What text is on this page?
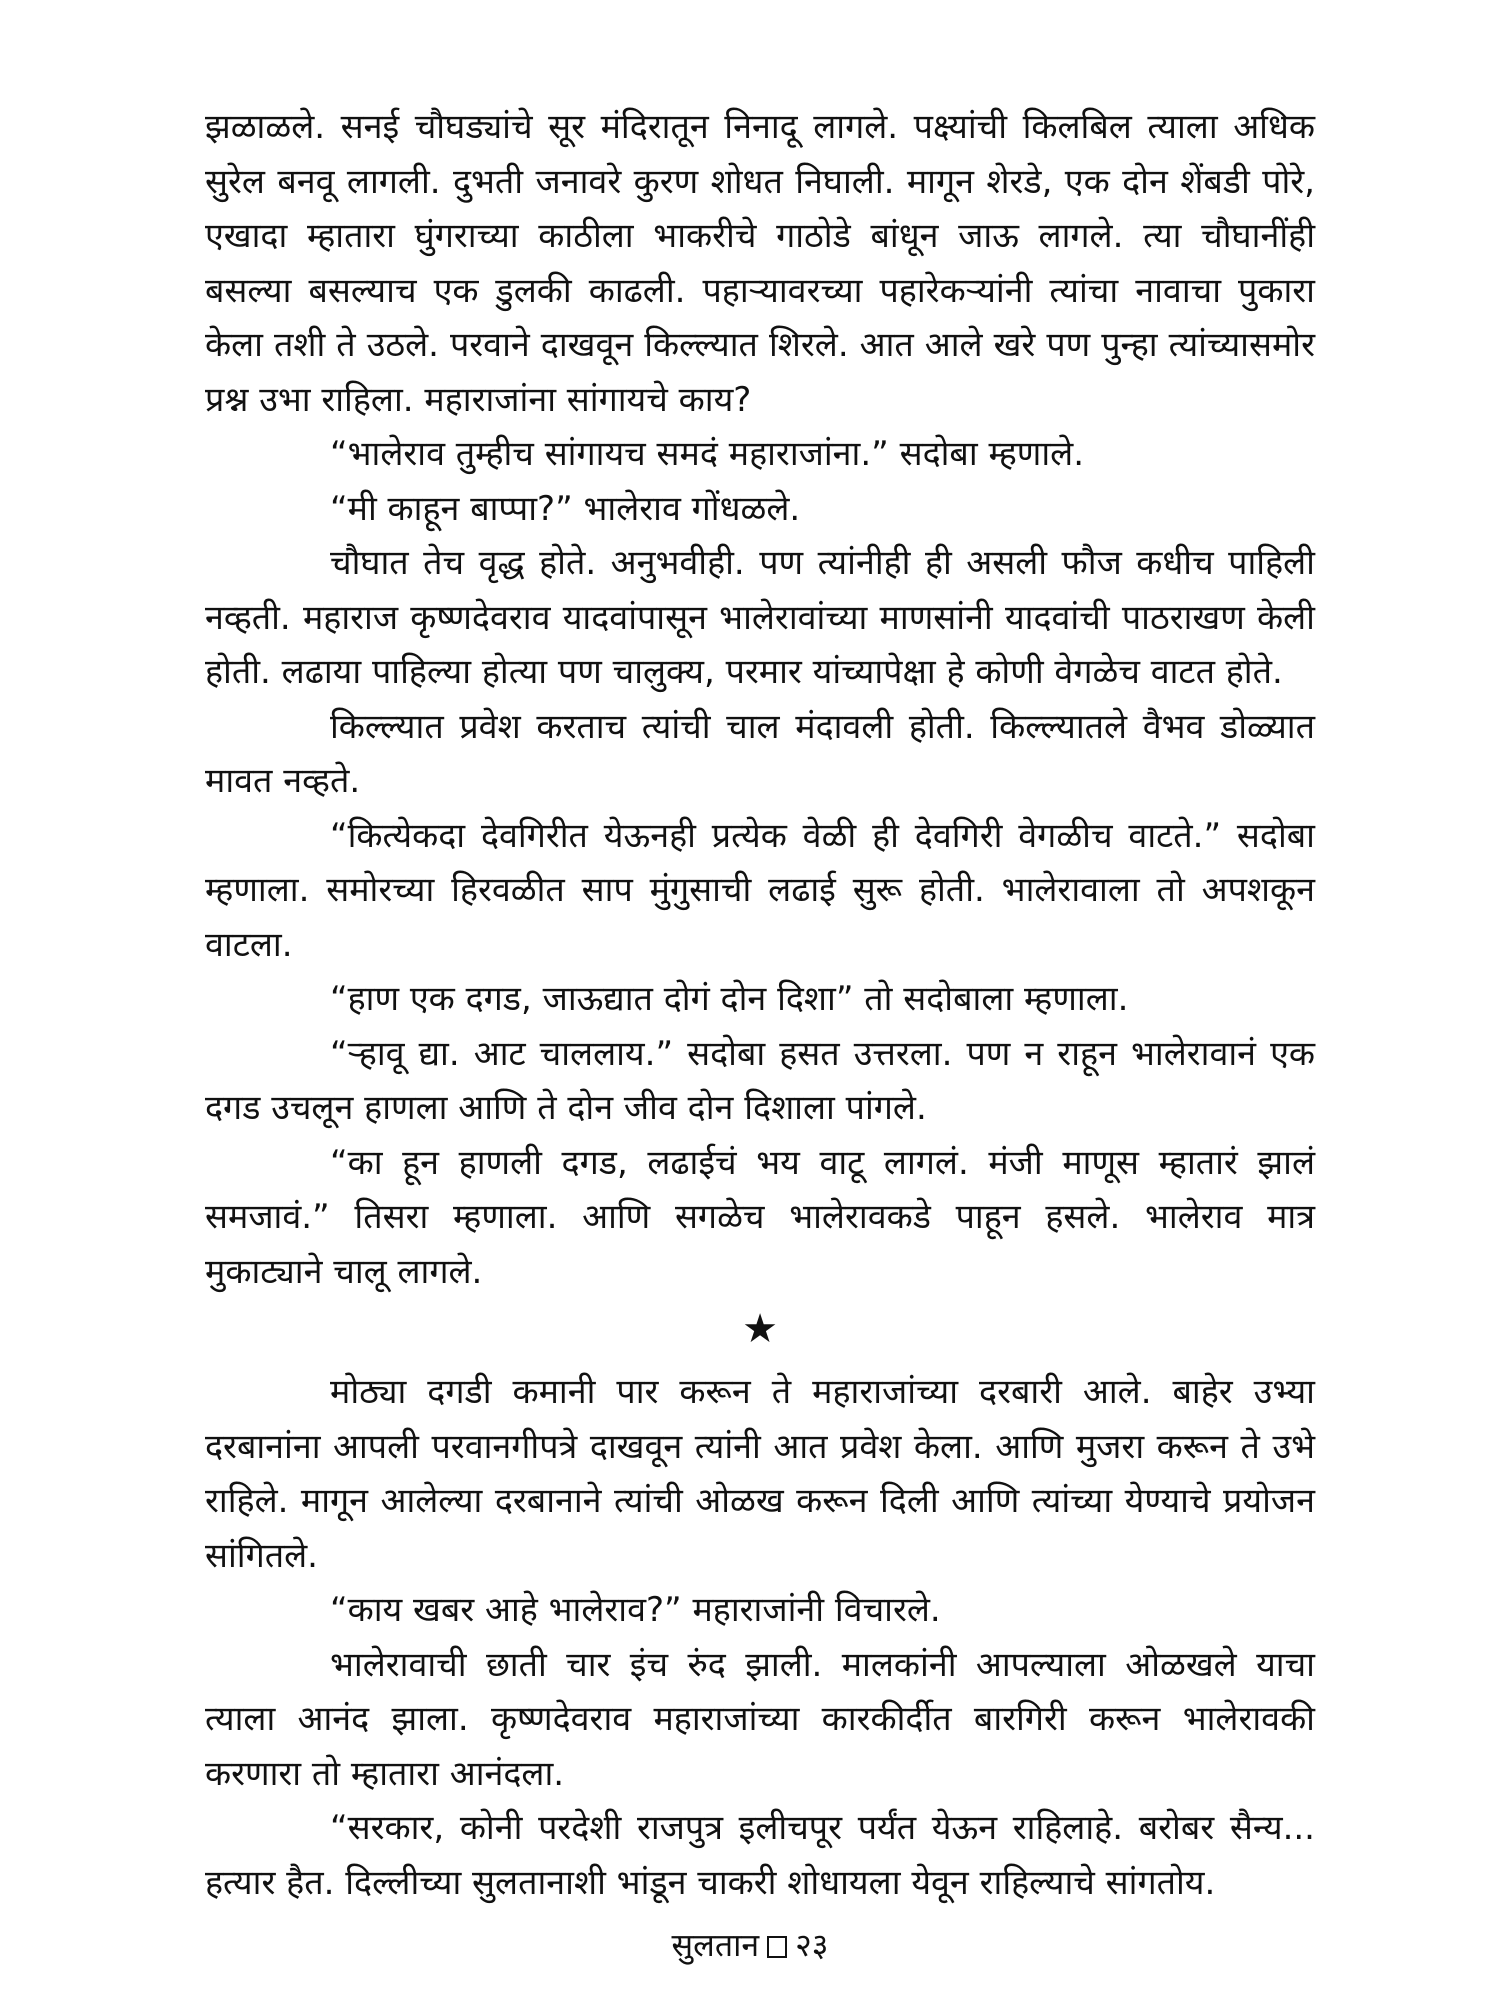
झळाळले. सनई चौघड्यांचे सूर मंदिरातून निनादू लागले. पक्ष्यांची किलबिल त्याला अधिक सुरेल बनवू लागली. दुभती जनावरे कुरण शोधत निघाली. मागून शेरडे, एक दोन शेंबडी पोरे, एखादा म्हातारा घुंगराच्या काठीला भाकरीचे गाठोडे बांधून जाऊ लागले. त्या चौघानींही बसल्या बसल्याच एक डुलकी काढली. पहाऱ्यावरच्या पहारेकऱ्यांनी त्यांचा नावाचा पुकारा केला तशी ते उठले. परवाने दाखवून किल्ल्यात शिरले. आत आले खरे पण पुन्हा त्यांच्यासमोर प्रश्न उभा राहिला. महाराजांना सांगायचे काय?

“भालेराव तुम्हीच सांगायच समदं महाराजांना.” सदोबा म्हणाले.

“मी काहून बाप्पा?” भालेराव गोंधळले.

चौघात तेच वृद्ध होते. अनुभवीही. पण त्यांनीही ही असली फौज कधीच पाहिली नव्हती. महाराज कृष्णदेवराव यादवांपासून भालेरावांच्या माणसांनी यादवांची पाठराखण केली होती. लढाया पाहिल्या होत्या पण चालुक्य, परमार यांच्यापेक्षा हे कोणी वेगळेच वाटत होते.

किल्ल्यात प्रवेश करताच त्यांची चाल मंदावली होती. किल्ल्यातले वैभव डोळ्यात मावत नव्हते.

“कित्येकदा देवगिरीत येऊनही प्रत्येक वेळी ही देवगिरी वेगळीच वाटते.” सदोबा म्हणाला. समोरच्या हिरवळीत साप मुंगुसाची लढाई सुरू होती. भालेरावाला तो अपशकून वाटला.

“हाण एक दगड, जाऊद्यात दोगं दोन दिशा” तो सदोबाला म्हणाला.

“ऱ्हावू द्या. आट चाललाय.” सदोबा हसत उत्तरला. पण न राहून भालेरावानं एक दगड उचलून हाणला आणि ते दोन जीव दोन दिशाला पांगले.

“का हून हाणली दगड, लढाईचं भय वाटू लागलं. मंजी माणूस म्हातारं झालं समजावं.” तिसरा म्हणाला. आणि सगळेच भालेरावकडे पाहून हसले. भालेराव मात्र मुकाट्याने चालू लागले.

★

मोठ्या दगडी कमानी पार करून ते महाराजांच्या दरबारी आले. बाहेर उभ्या दरबानांना आपली परवानगीपत्रे दाखवून त्यांनी आत प्रवेश केला. आणि मुजरा करून ते उभे राहिले. मागून आलेल्या दरबानाने त्यांची ओळख करून दिली आणि त्यांच्या येण्याचे प्रयोजन सांगितले.

“काय खबर आहे भालेराव?” महाराजांनी विचारले.

भालेरावाची छाती चार इंच रुंद झाली. मालकांनी आपल्याला ओळखले याचा त्याला आनंद झाला. कृष्णदेवराव महाराजांच्या कारकीर्दीत बारगिरी करून भालेरावकी करणारा तो म्हातारा आनंदला.

“सरकार, कोनी परदेशी राजपुत्र इलीचपूर पर्यंत येऊन राहिलाहे. बरोबर सैन्य... हत्यार हैत. दिल्लीच्या सुलतानाशी भांडून चाकरी शोधायला येवून राहिल्याचे सांगतोय.

सुलतान २३
